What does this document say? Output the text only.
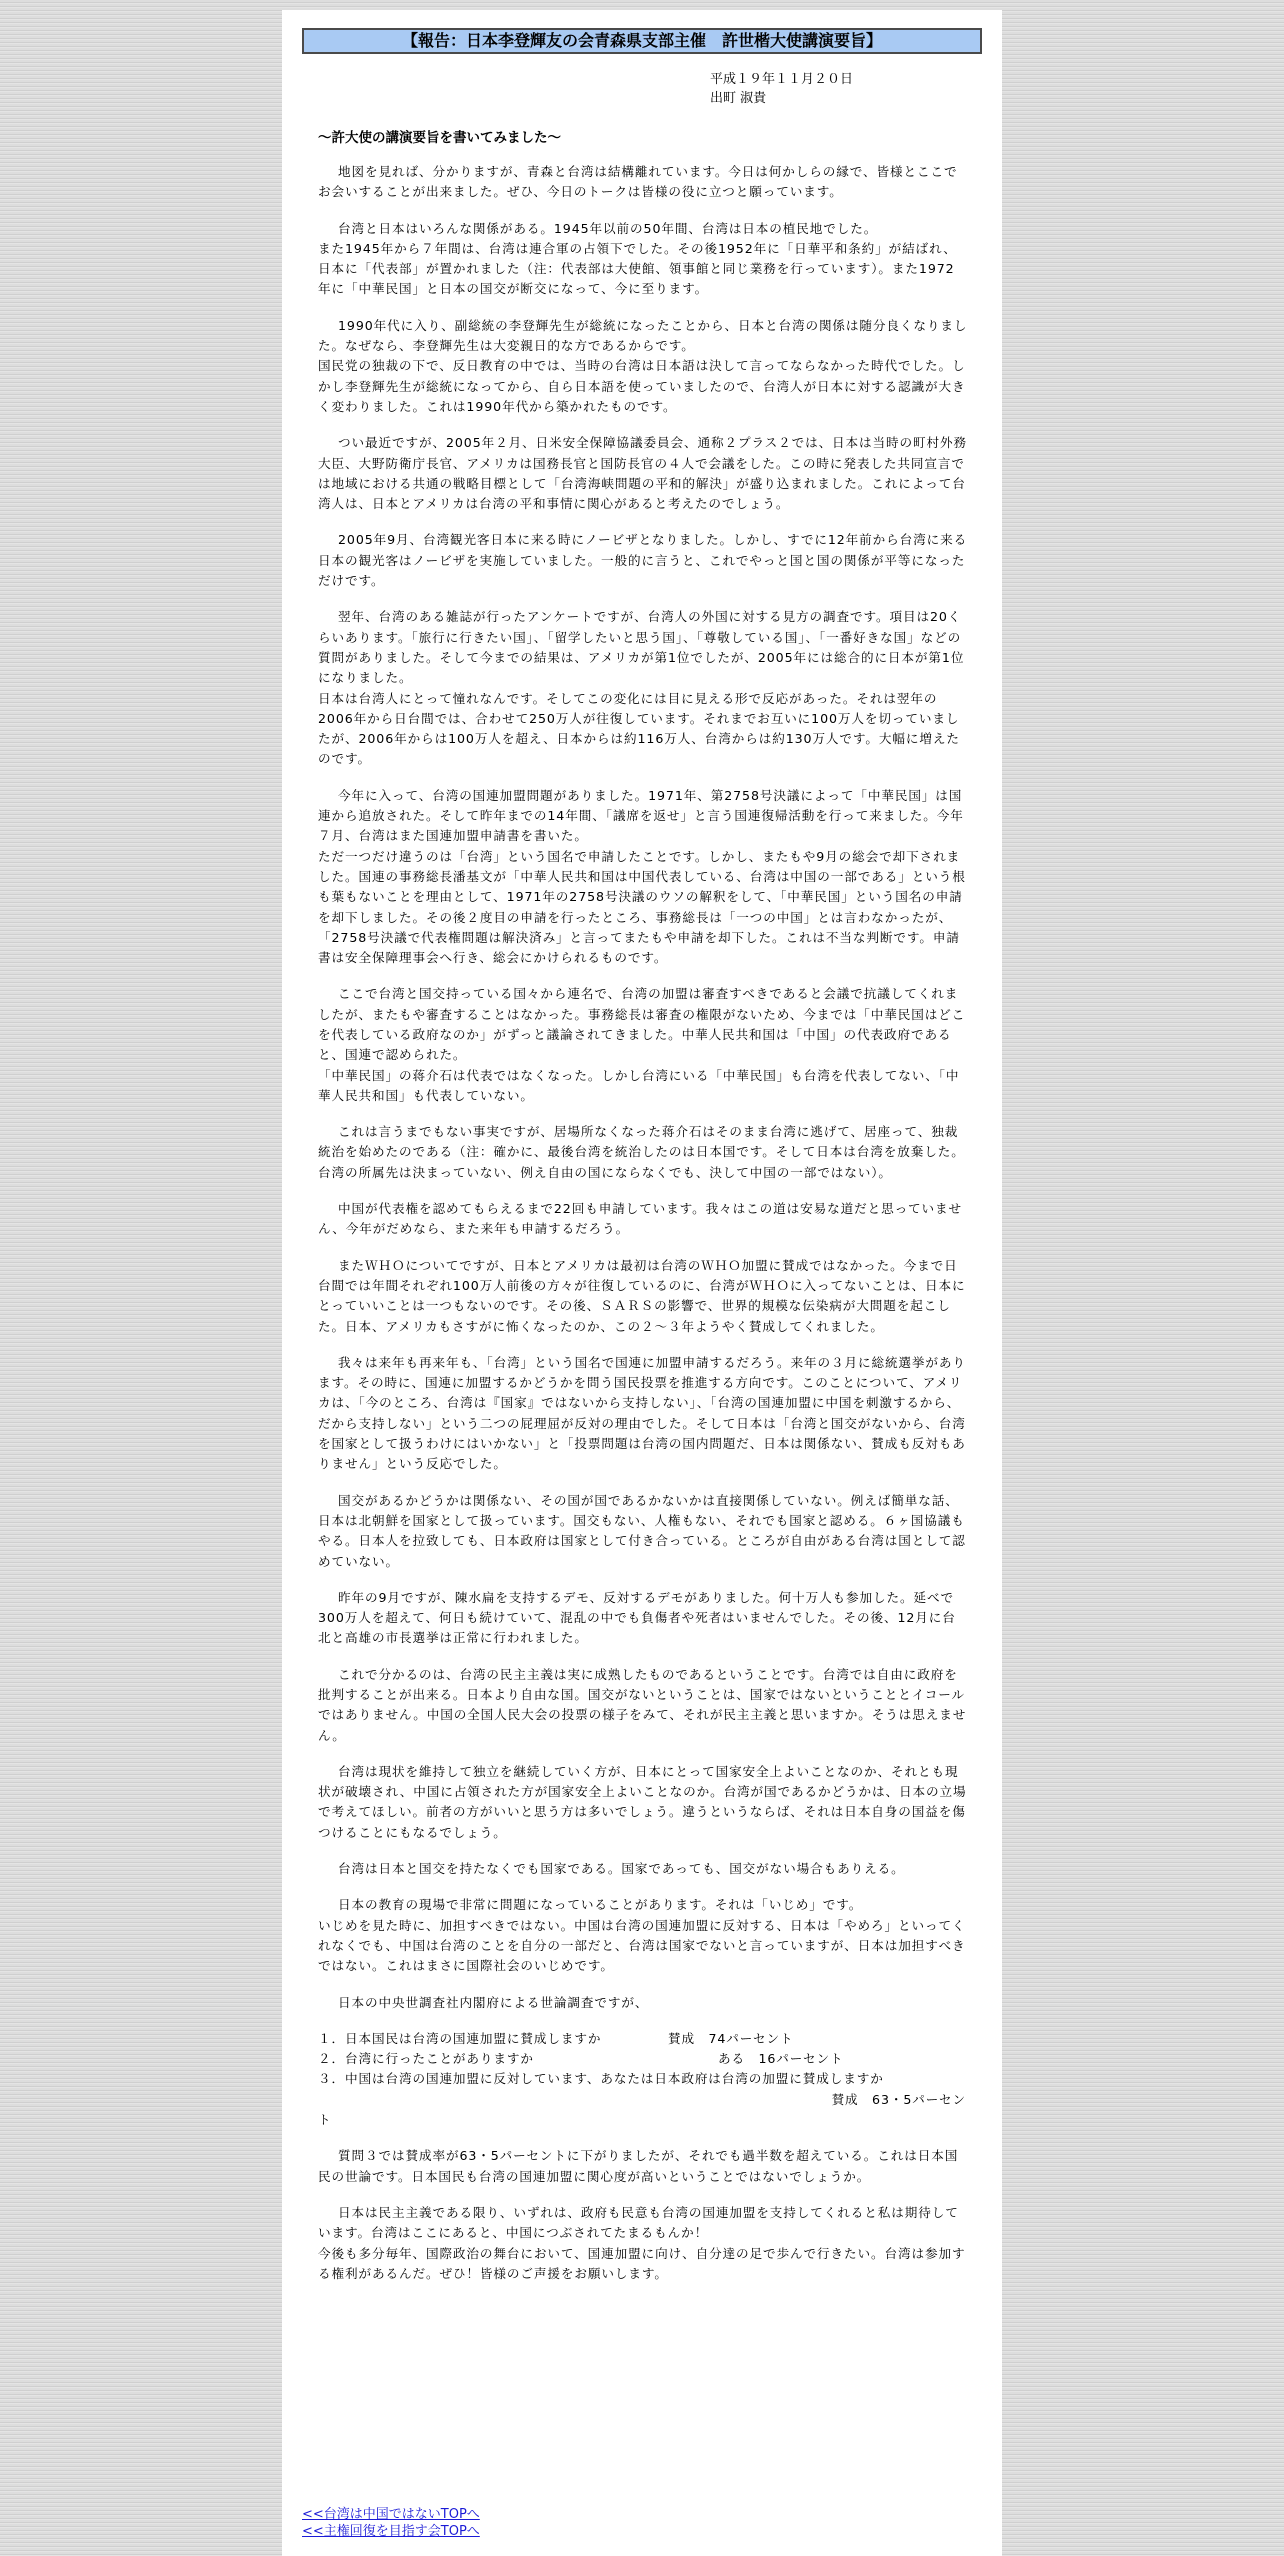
【報告：日本李登輝友の会青森県支部主催　許世楷大使講演要旨】
平成１９年１１月２０日
出町 淑貴
～許大使の講演要旨を書いてみました～

地図を見れば、分かりますが、青森と台湾は結構離れています。今日は何かしらの縁で、皆様とここでお会いすることが出来ました。ぜひ、今日のトークは皆様の役に立つと願っています。

台湾と日本はいろんな関係がある。1945年以前の50年間、台湾は日本の植民地でした。
また1945年から７年間は、台湾は連合軍の占領下でした。その後1952年に「日華平和条約」が結ばれ、日本に「代表部」が置かれました（注：代表部は大使館、領事館と同じ業務を行っています）。また1972年に「中華民国」と日本の国交が断交になって、今に至ります。

1990年代に入り、副総統の李登輝先生が総統になったことから、日本と台湾の関係は随分良くなりました。なぜなら、李登輝先生は大変親日的な方であるからです。
国民党の独裁の下で、反日教育の中では、当時の台湾は日本語は決して言ってならなかった時代でした。しかし李登輝先生が総統になってから、自ら日本語を使っていましたので、台湾人が日本に対する認識が大きく変わりました。これは1990年代から築かれたものです。

つい最近ですが、2005年２月、日米安全保障協議委員会、通称２プラス２では、日本は当時の町村外務大臣、大野防衛庁長官、アメリカは国務長官と国防長官の４人で会議をした。この時に発表した共同宣言では地域における共通の戦略目標として「台湾海峡問題の平和的解決」が盛り込まれました。これによって台湾人は、日本とアメリカは台湾の平和事情に関心があると考えたのでしょう。

2005年9月、台湾観光客日本に来る時にノービザとなりました。しかし、すでに12年前から台湾に来る日本の観光客はノービザを実施していました。一般的に言うと、これでやっと国と国の関係が平等になっただけです。

翌年、台湾のある雑誌が行ったアンケートですが、台湾人の外国に対する見方の調査です。項目は20くらいあります。「旅行に行きたい国」、「留学したいと思う国」、「尊敬している国」、「一番好きな国」などの質問がありました。そして今までの結果は、アメリカが第1位でしたが、2005年には総合的に日本が第1位になりました。
日本は台湾人にとって憧れなんです。そしてこの変化には目に見える形で反応があった。それは翌年の2006年から日台間では、合わせて250万人が往復しています。それまでお互いに100万人を切っていましたが、2006年からは100万人を超え、日本からは約116万人、台湾からは約130万人です。大幅に増えたのです。

今年に入って、台湾の国連加盟問題がありました。1971年、第2758号決議によって「中華民国」は国連から追放された。そして昨年までの14年間、「議席を返せ」と言う国連復帰活動を行って来ました。今年７月、台湾はまた国連加盟申請書を書いた。
ただ一つだけ違うのは「台湾」という国名で申請したことです。しかし、またもや9月の総会で却下されました。国連の事務総長潘基文が「中華人民共和国は中国代表している、台湾は中国の一部である」という根も葉もないことを理由として、1971年の2758号決議のウソの解釈をして、「中華民国」という国名の申請を却下しました。その後２度目の申請を行ったところ、事務総長は「一つの中国」とは言わなかったが、「2758号決議で代表権問題は解決済み」と言ってまたもや申請を却下した。これは不当な判断です。申請書は安全保障理事会へ行き、総会にかけられるものです。

ここで台湾と国交持っている国々から連名で、台湾の加盟は審査すべきであると会議で抗議してくれましたが、またもや審査することはなかった。事務総長は審査の権限がないため、今までは「中華民国はどこを代表している政府なのか」がずっと議論されてきました。中華人民共和国は「中国」の代表政府であると、国連で認められた。
「中華民国」の蒋介石は代表ではなくなった。しかし台湾にいる「中華民国」も台湾を代表してない、「中華人民共和国」も代表していない。

これは言うまでもない事実ですが、居場所なくなった蒋介石はそのまま台湾に逃げて、居座って、独裁統治を始めたのである（注：確かに、最後台湾を統治したのは日本国です。そして日本は台湾を放棄した。台湾の所属先は決まっていない、例え自由の国にならなくでも、決して中国の一部ではない）。

中国が代表権を認めてもらえるまで22回も申請しています。我々はこの道は安易な道だと思っていません、今年がだめなら、また来年も申請するだろう。

またＷＨＯについてですが、日本とアメリカは最初は台湾のＷＨＯ加盟に賛成ではなかった。今まで日台間では年間それぞれ100万人前後の方々が往復しているのに、台湾がＷＨＯに入ってないことは、日本にとっていいことは一つもないのです。その後、ＳＡＲＳの影響で、世界的規模な伝染病が大問題を起こした。日本、アメリカもさすがに怖くなったのか、この２～３年ようやく賛成してくれました。

我々は来年も再来年も、「台湾」という国名で国連に加盟申請するだろう。来年の３月に総統選挙があります。その時に、国連に加盟するかどうかを問う国民投票を推進する方向です。このことについて、アメリカは、「今のところ、台湾は『国家』ではないから支持しない」、「台湾の国連加盟に中国を刺激するから、だから支持しない」という二つの屁理屈が反対の理由でした。そして日本は「台湾と国交がないから、台湾を国家として扱うわけにはいかない」と「投票問題は台湾の国内問題だ、日本は関係ない、賛成も反対もありません」という反応でした。

国交があるかどうかは関係ない、その国が国であるかないかは直接関係していない。例えば簡単な話、日本は北朝鮮を国家として扱っています。国交もない、人権もない、それでも国家と認める。６ヶ国協議もやる。日本人を拉致しても、日本政府は国家として付き合っている。ところが自由がある台湾は国として認めていない。

昨年の9月ですが、陳水扁を支持するデモ、反対するデモがありました。何十万人も参加した。延べで300万人を超えて、何日も続けていて、混乱の中でも負傷者や死者はいませんでした。その後、12月に台北と高雄の市長選挙は正常に行われました。

これで分かるのは、台湾の民主主義は実に成熟したものであるということです。台湾では自由に政府を批判することが出来る。日本より自由な国。国交がないということは、国家ではないということとイコールではありません。中国の全国人民大会の投票の様子をみて、それが民主主義と思いますか。そうは思えません。

台湾は現状を維持して独立を継続していく方が、日本にとって国家安全上よいことなのか、それとも現状が破壊され、中国に占領された方が国家安全上よいことなのか。台湾が国であるかどうかは、日本の立場で考えてほしい。前者の方がいいと思う方は多いでしょう。違うというならば、それは日本自身の国益を傷つけることにもなるでしょう。

台湾は日本と国交を持たなくでも国家である。国家であっても、国交がない場合もありえる。

日本の教育の現場で非常に問題になっていることがあります。それは「いじめ」です。
いじめを見た時に、加担すべきではない。中国は台湾の国連加盟に反対する、日本は「やめろ」といってくれなくでも、中国は台湾のことを自分の一部だと、台湾は国家でないと言っていますが、日本は加担すべきではない。これはまさに国際社会のいじめです。

日本の中央世調査社内閣府による世論調査ですが、

１．日本国民は台湾の国連加盟に賛成しますか	賛成　74パーセント
２．台湾に行ったことがありますか	ある　16パーセント
３．中国は台湾の国連加盟に反対しています、あなたは日本政府は台湾の加盟に賛成しますか
賛成　63・5パーセン
ト

質問３では賛成率が63・5パーセントに下がりましたが、それでも過半数を超えている。これは日本国民の世論です。日本国民も台湾の国連加盟に関心度が高いということではないでしょうか。

日本は民主主義である限り、いずれは、政府も民意も台湾の国連加盟を支持してくれると私は期待しています。台湾はここにあると、中国につぶされてたまるもんか！
今後も多分毎年、国際政治の舞台において、国連加盟に向け、自分達の足で歩んで行きたい。台湾は参加する権利があるんだ。ぜひ！皆様のご声援をお願いします。

<<台湾は中国ではないTOPへ
<<主権回復を目指す会TOPへ
